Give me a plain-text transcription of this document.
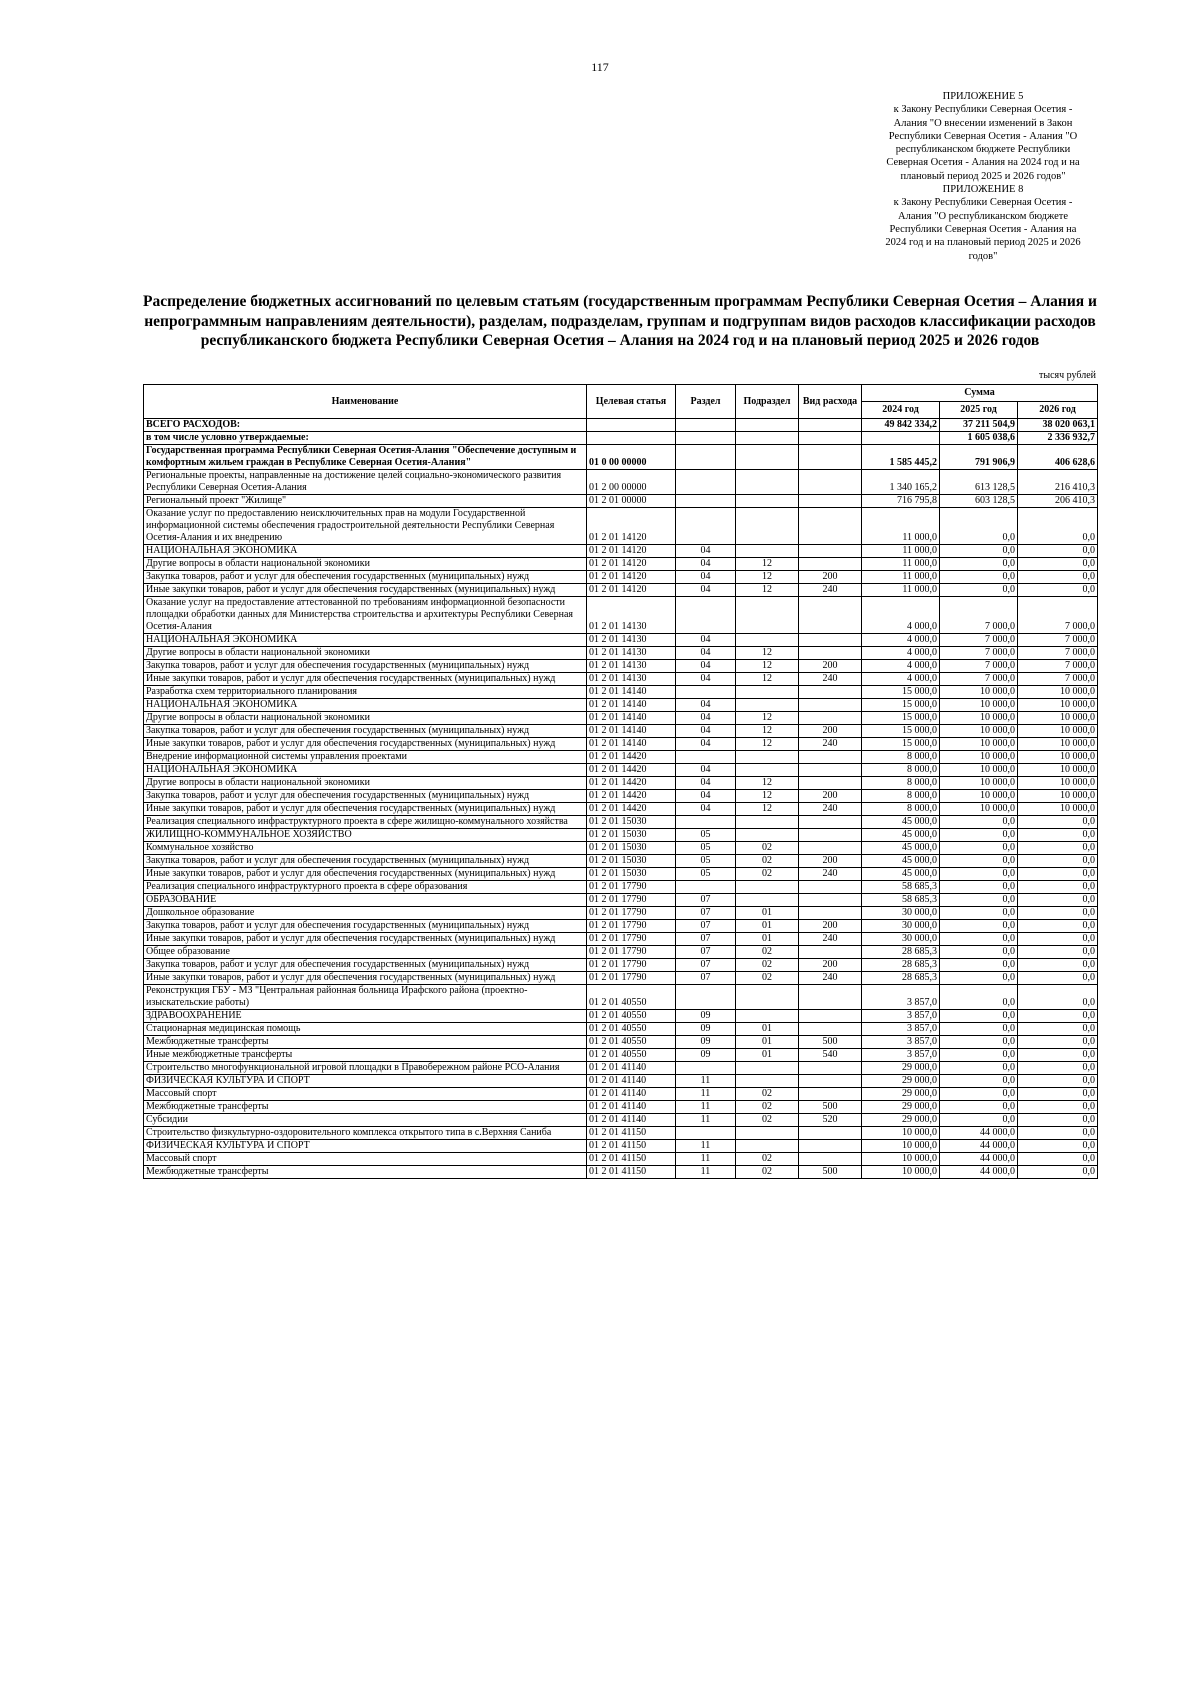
117

ПРИЛОЖЕНИЕ 5

к Закону Республики Северная Осетия -

Алания "О внесении изменений в Закон

Республики Северная Осетия - Алания "О

республиканском бюджете Республики

Северная Осетия - Алания на 2024 год и на

плановый период 2025 и 2026 годов"

ПРИЛОЖЕНИЕ 8

к Закону Республики Северная Осетия -

Алания "О республиканском бюджете

Республики Северная Осетия - Алания на

2024 год и на плановый период 2025 и 2026

годов"

Распределение бюджетных ассигнований по целевым статьям (государственным программам Республики Северная Осетия – Алания и непрограммным направлениям деятельности), разделам, подразделам, группам и подгруппам видов расходов классификации расходов республиканского бюджета Республики Северная Осетия – Алания на 2024 год и на плановый период 2025 и 2026 годов
тысяч рублей
Наименование	Целевая статья	Раздел	Подраздел	Вид расхода	Сумма		
					2024 год	2025 год	2026 год
ВСЕГО РАСХОДОВ:					49 842 334,2	37 211 504,9	38 020 063,1
в том числе условно утверждаемые:						1 605 038,6	2 336 932,7
Государственная программа Республики Северная Осетия-Алания "Обеспечение доступным и комфортным жильем граждан в Республике Северная Осетия-Алания"	01 0 00 00000				1 585 445,2	791 906,9	406 628,6
Региональные проекты, направленные на достижение целей социально-экономического развития Республики Северная Осетия-Алания	01 2 00 00000				1 340 165,2	613 128,5	216 410,3
Региональный проект "Жилище"	01 2 01 00000				716 795,8	603 128,5	206 410,3
Оказание услуг по предоставлению неисключительных прав на модули Государственной информационной системы обеспечения градостроительной деятельности Республики Северная Осетия-Алания и их внедрению	01 2 01 14120				11 000,0	0,0	0,0
НАЦИОНАЛЬНАЯ ЭКОНОМИКА	01 2 01 14120	04			11 000,0	0,0	0,0
Другие вопросы в области национальной экономики	01 2 01 14120	04	12		11 000,0	0,0	0,0
Закупка товаров, работ и услуг для обеспечения государственных (муниципальных) нужд	01 2 01 14120	04	12	200	11 000,0	0,0	0,0
Иные закупки товаров, работ и услуг для обеспечения государственных (муниципальных) нужд	01 2 01 14120	04	12	240	11 000,0	0,0	0,0
Оказание услуг на предоставление аттестованной по требованиям информационной безопасности площадки обработки данных для Министерства строительства и архитектуры Республики Северная Осетия-Алания	01 2 01 14130				4 000,0	7 000,0	7 000,0
НАЦИОНАЛЬНАЯ ЭКОНОМИКА	01 2 01 14130	04			4 000,0	7 000,0	7 000,0
Другие вопросы в области национальной экономики	01 2 01 14130	04	12		4 000,0	7 000,0	7 000,0
Закупка товаров, работ и услуг для обеспечения государственных (муниципальных) нужд	01 2 01 14130	04	12	200	4 000,0	7 000,0	7 000,0
Иные закупки товаров, работ и услуг для обеспечения государственных (муниципальных) нужд	01 2 01 14130	04	12	240	4 000,0	7 000,0	7 000,0
Разработка схем территориального планирования	01 2 01 14140				15 000,0	10 000,0	10 000,0
НАЦИОНАЛЬНАЯ ЭКОНОМИКА	01 2 01 14140	04			15 000,0	10 000,0	10 000,0
Другие вопросы в области национальной экономики	01 2 01 14140	04	12		15 000,0	10 000,0	10 000,0
Закупка товаров, работ и услуг для обеспечения государственных (муниципальных) нужд	01 2 01 14140	04	12	200	15 000,0	10 000,0	10 000,0
Иные закупки товаров, работ и услуг для обеспечения государственных (муниципальных) нужд	01 2 01 14140	04	12	240	15 000,0	10 000,0	10 000,0
Внедрение информационной системы управления проектами	01 2 01 14420				8 000,0	10 000,0	10 000,0
НАЦИОНАЛЬНАЯ ЭКОНОМИКА	01 2 01 14420	04			8 000,0	10 000,0	10 000,0
Другие вопросы в области национальной экономики	01 2 01 14420	04	12		8 000,0	10 000,0	10 000,0
Закупка товаров, работ и услуг для обеспечения государственных (муниципальных) нужд	01 2 01 14420	04	12	200	8 000,0	10 000,0	10 000,0
Иные закупки товаров, работ и услуг для обеспечения государственных (муниципальных) нужд	01 2 01 14420	04	12	240	8 000,0	10 000,0	10 000,0
Реализация специального инфраструктурного проекта в сфере жилищно-коммунального хозяйства	01 2 01 15030				45 000,0	0,0	0,0
ЖИЛИЩНО-КОММУНАЛЬНОЕ ХОЗЯЙСТВО	01 2 01 15030	05			45 000,0	0,0	0,0
Коммунальное хозяйство	01 2 01 15030	05	02		45 000,0	0,0	0,0
Закупка товаров, работ и услуг для обеспечения государственных (муниципальных) нужд	01 2 01 15030	05	02	200	45 000,0	0,0	0,0
Иные закупки товаров, работ и услуг для обеспечения государственных (муниципальных) нужд	01 2 01 15030	05	02	240	45 000,0	0,0	0,0
Реализация специального инфраструктурного проекта в сфере образования	01 2 01 17790				58 685,3	0,0	0,0
ОБРАЗОВАНИЕ	01 2 01 17790	07			58 685,3	0,0	0,0
Дошкольное образование	01 2 01 17790	07	01		30 000,0	0,0	0,0
Закупка товаров, работ и услуг для обеспечения государственных (муниципальных) нужд	01 2 01 17790	07	01	200	30 000,0	0,0	0,0
Иные закупки товаров, работ и услуг для обеспечения государственных (муниципальных) нужд	01 2 01 17790	07	01	240	30 000,0	0,0	0,0
Общее образование	01 2 01 17790	07	02		28 685,3	0,0	0,0
Закупка товаров, работ и услуг для обеспечения государственных (муниципальных) нужд	01 2 01 17790	07	02	200	28 685,3	0,0	0,0
Иные закупки товаров, работ и услуг для обеспечения государственных (муниципальных) нужд	01 2 01 17790	07	02	240	28 685,3	0,0	0,0
Реконструкция ГБУ - МЗ "Центральная районная больница Ирафского района (проектно-изыскательские работы)	01 2 01 40550				3 857,0	0,0	0,0
ЗДРАВООХРАНЕНИЕ	01 2 01 40550	09			3 857,0	0,0	0,0
Стационарная медицинская помощь	01 2 01 40550	09	01		3 857,0	0,0	0,0
Межбюджетные трансферты	01 2 01 40550	09	01	500	3 857,0	0,0	0,0
Иные межбюджетные трансферты	01 2 01 40550	09	01	540	3 857,0	0,0	0,0
Строительство многофункциональной игровой площадки в Правобережном районе РСО-Алания	01 2 01 41140				29 000,0	0,0	0,0
ФИЗИЧЕСКАЯ КУЛЬТУРА И СПОРТ	01 2 01 41140	11			29 000,0	0,0	0,0
Массовый спорт	01 2 01 41140	11	02		29 000,0	0,0	0,0
Межбюджетные трансферты	01 2 01 41140	11	02	500	29 000,0	0,0	0,0
Субсидии	01 2 01 41140	11	02	520	29 000,0	0,0	0,0
Строительство физкультурно-оздоровительного комплекса открытого типа в с.Верхняя Саниба	01 2 01 41150				10 000,0	44 000,0	0,0
ФИЗИЧЕСКАЯ КУЛЬТУРА И СПОРТ	01 2 01 41150	11			10 000,0	44 000,0	0,0
Массовый спорт	01 2 01 41150	11	02		10 000,0	44 000,0	0,0
Межбюджетные трансферты	01 2 01 41150	11	02	500	10 000,0	44 000,0	0,0
